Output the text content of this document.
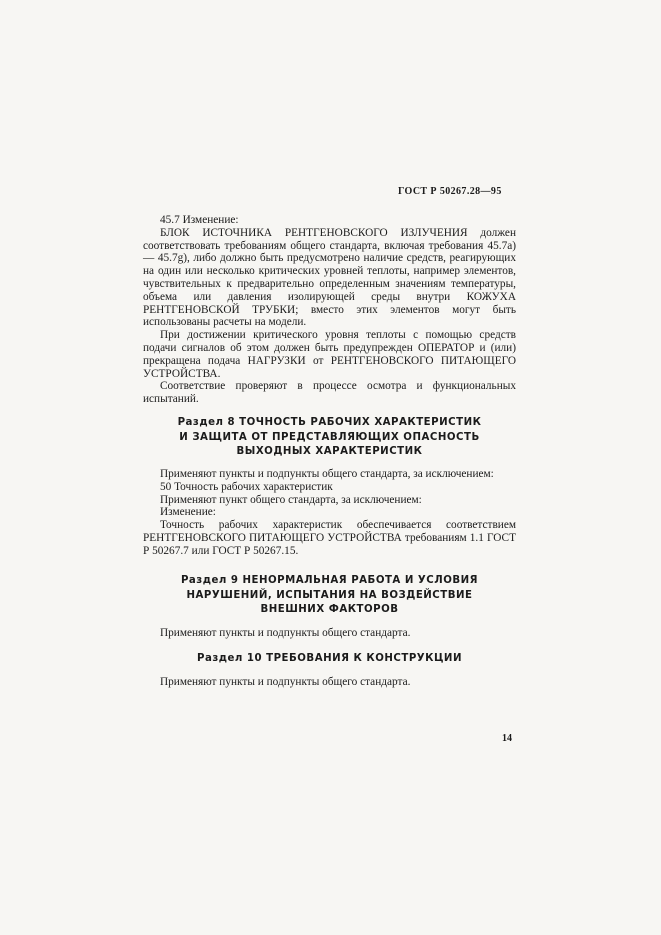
ГОСТ Р 50267.28—95

45.7 Изменение:

БЛОК ИСТОЧНИКА РЕНТГЕНОВСКОГО ИЗЛУЧЕНИЯ должен соответствовать требованиям общего стандарта, включая требования 45.7а) — 45.7g), либо должно быть предусмотрено наличие средств, реагирующих на один или несколько критических уровней теплоты, например элементов, чувствительных к предварительно определенным значениям температуры, объема или давления изолирующей среды внутри КОЖУХА РЕНТГЕНОВСКОЙ ТРУБКИ; вместо этих элементов могут быть использованы расчеты на модели.

При достижении критического уровня теплоты с помощью средств подачи сигналов об этом должен быть предупрежден ОПЕРАТОР и (или) прекращена подача НАГРУЗКИ от РЕНТГЕНОВСКОГО ПИТАЮЩЕГО УСТРОЙСТВА.

Соответствие проверяют в процессе осмотра и функциональных испытаний.

Раздел 8 ТОЧНОСТЬ РАБОЧИХ ХАРАКТЕРИСТИК
И ЗАЩИТА ОТ ПРЕДСТАВЛЯЮЩИХ ОПАСНОСТЬ
ВЫХОДНЫХ ХАРАКТЕРИСТИК

Применяют пункты и подпункты общего стандарта, за исключением:

50 Точность рабочих характеристик

Применяют пункт общего стандарта, за исключением:

Изменение:

Точность рабочих характеристик обеспечивается соответствием РЕНТГЕНОВСКОГО ПИТАЮЩЕГО УСТРОЙСТВА требованиям 1.1 ГОСТ Р 50267.7 или ГОСТ Р 50267.15.

Раздел 9 НЕНОРМАЛЬНАЯ РАБОТА И УСЛОВИЯ
НАРУШЕНИЙ, ИСПЫТАНИЯ НА ВОЗДЕЙСТВИЕ
ВНЕШНИХ ФАКТОРОВ

Применяют пункты и подпункты общего стандарта.

Раздел 10 ТРЕБОВАНИЯ К КОНСТРУКЦИИ

Применяют пункты и подпункты общего стандарта.

14
